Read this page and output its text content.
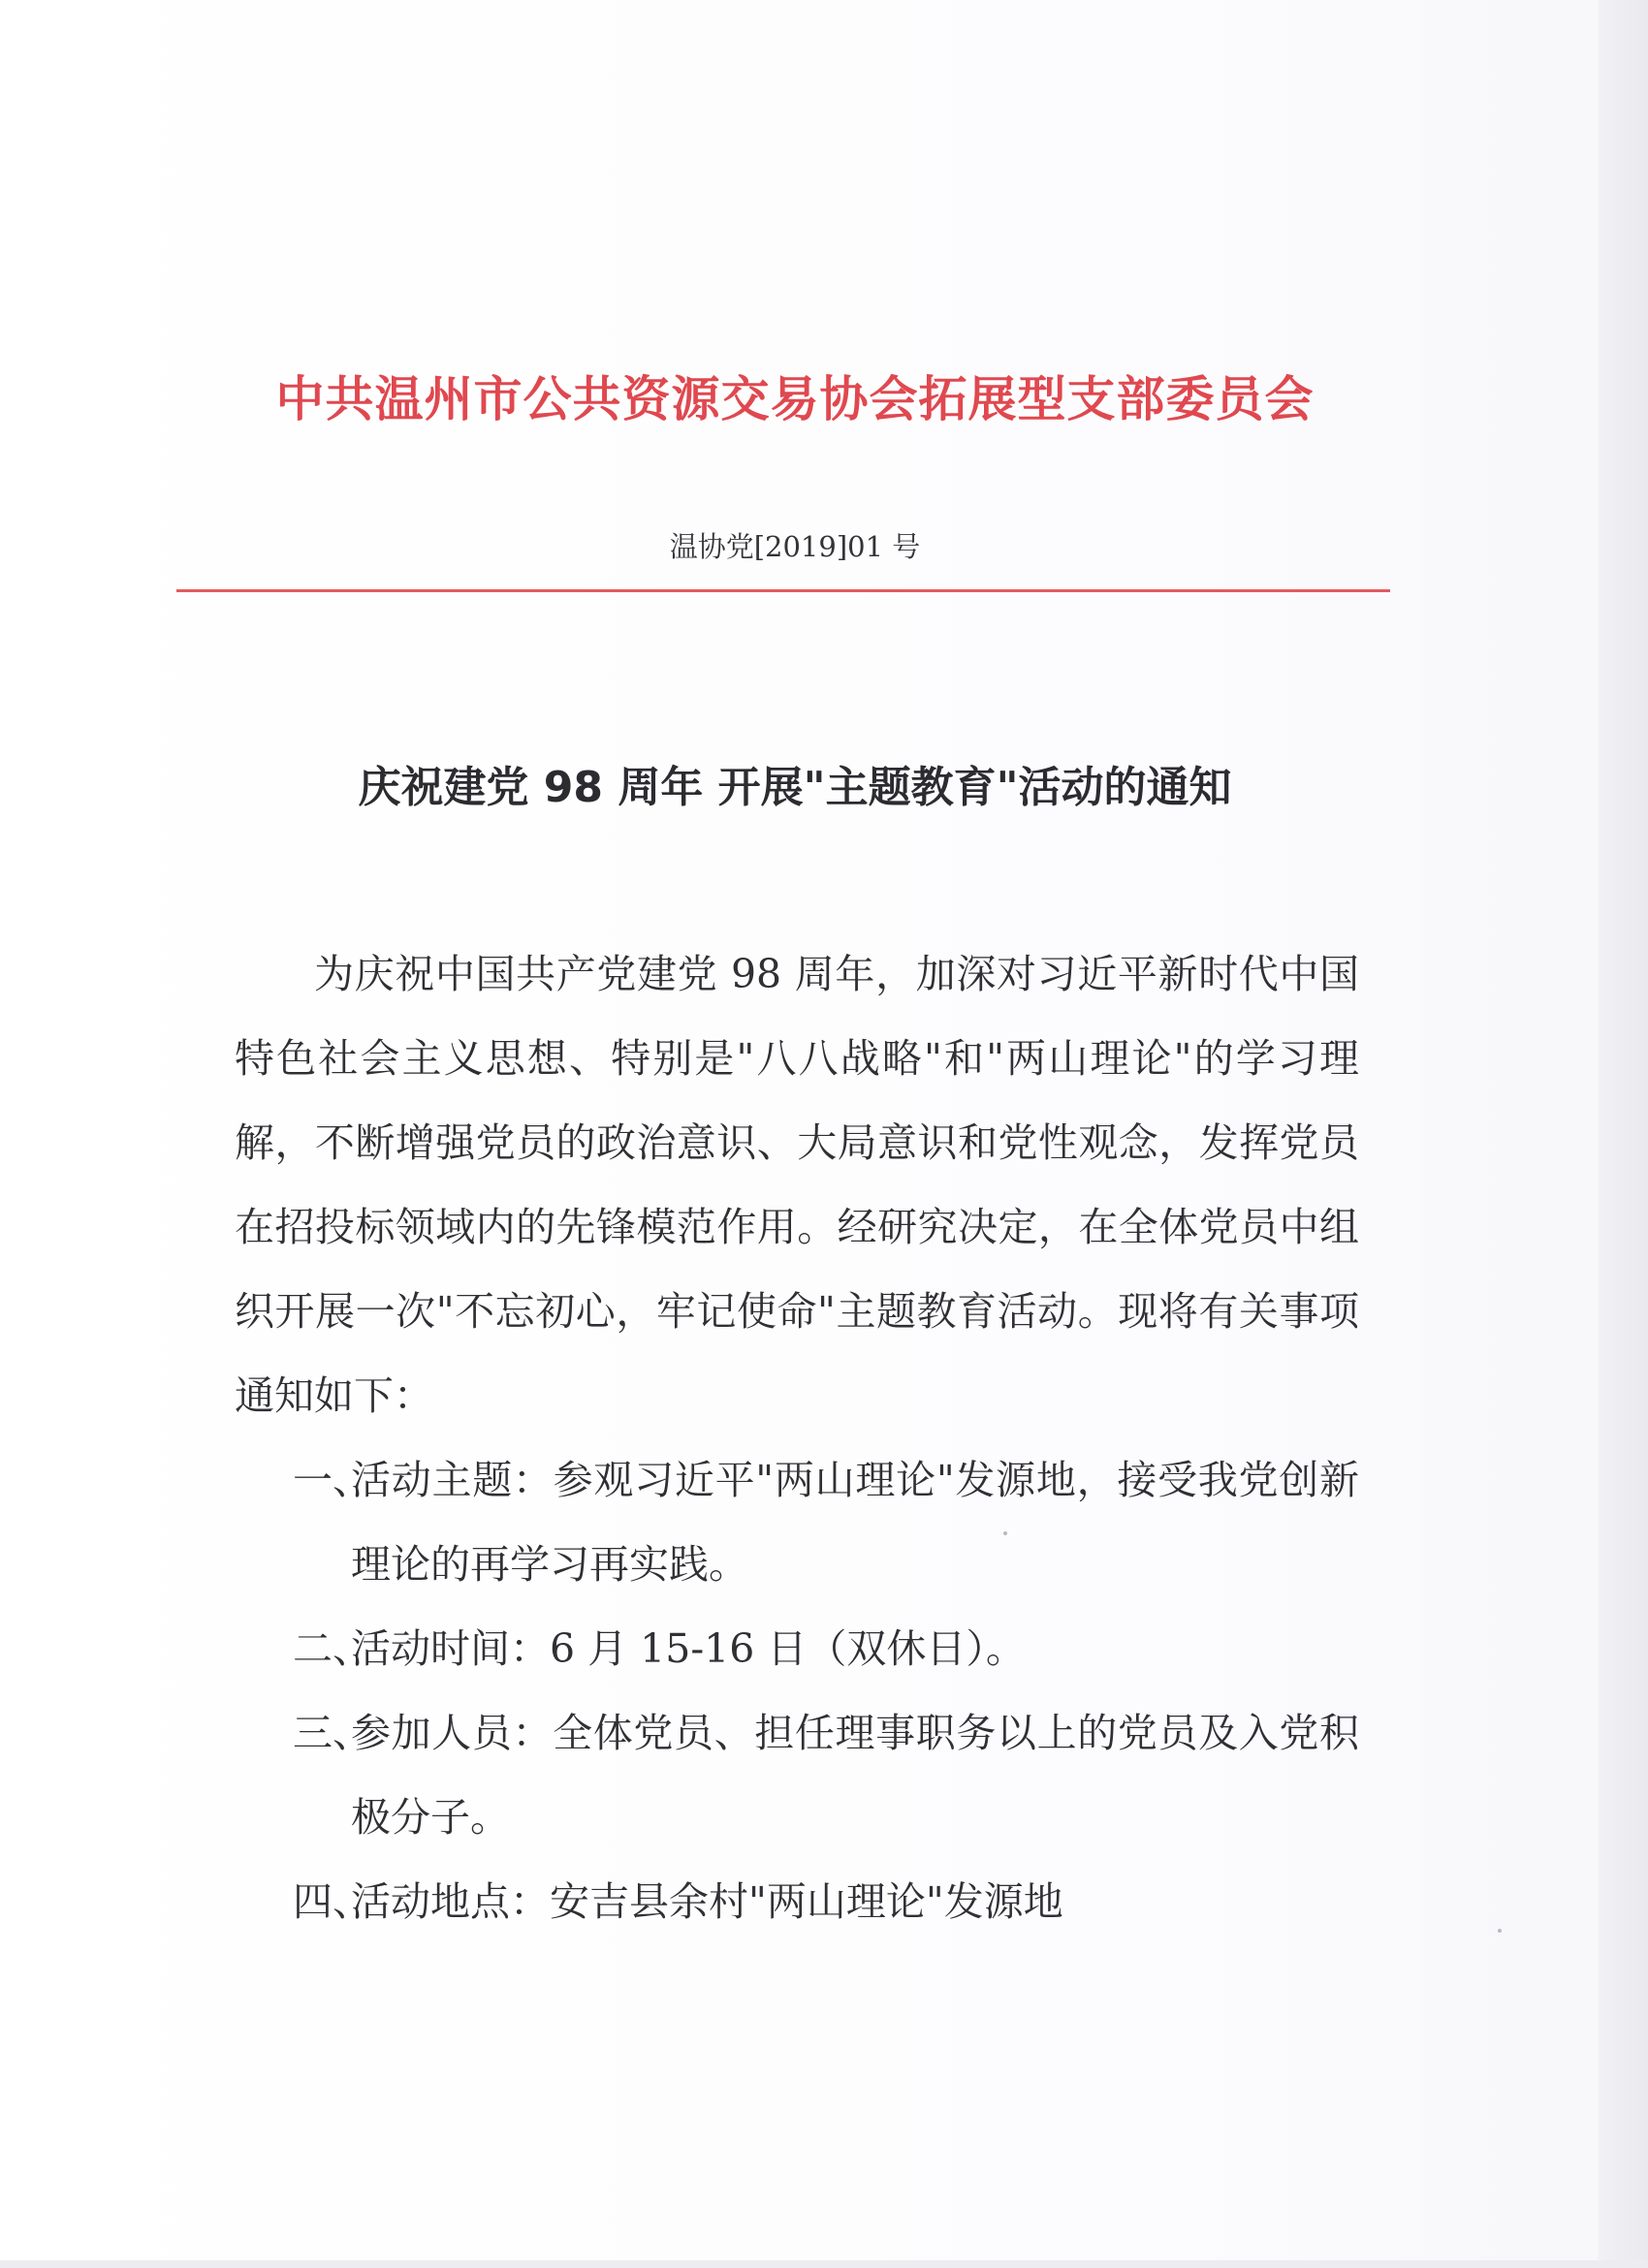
中共温州市公共资源交易协会拓展型支部委员会
温协党[2019]01 号
庆祝建党 98 周年 开展"主题教育"活动的通知

为庆祝中国共产党建党 98 周年，加深对习近平新时代中国特色社会主义思想、特别是"八八战略"和"两山理论"的学习理解，不断增强党员的政治意识、大局意识和党性观念，发挥党员在招投标领域内的先锋模范作用。经研究决定，在全体党员中组织开展一次"不忘初心，牢记使命"主题教育活动。现将有关事项通知如下：

一、
活动主题：参观习近平"两山理论"发源地，接受我党创新理论的再学习再实践。

二、
活动时间：6 月 15-16 日（双休日）。

三、
参加人员：全体党员、担任理事职务以上的党员及入党积极分子。

四、
活动地点：安吉县余村"两山理论"发源地
